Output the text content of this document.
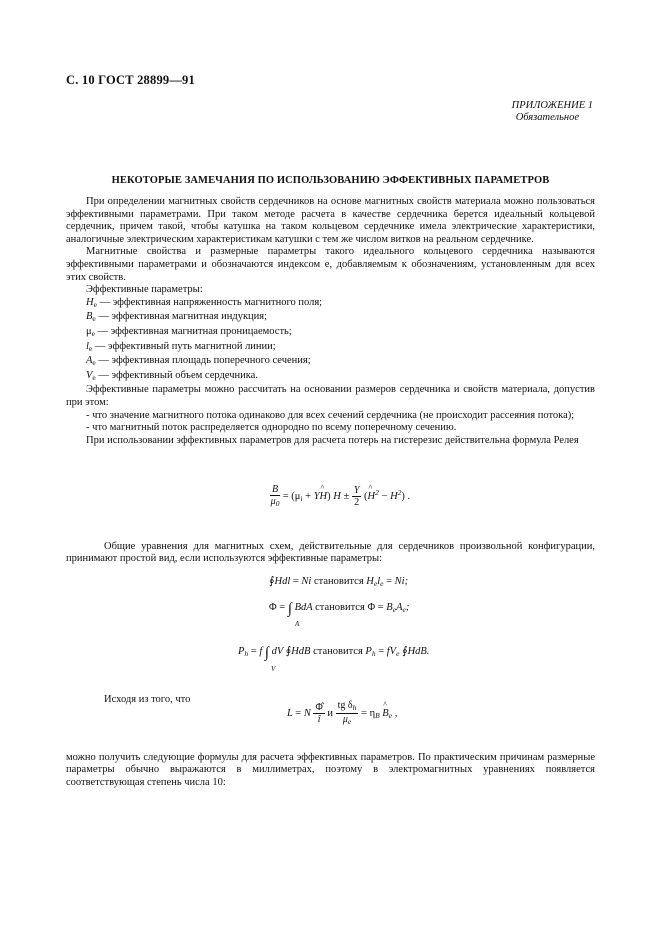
С. 10 ГОСТ 28899—91
ПРИЛОЖЕНИЕ 1
Обязательное
НЕКОТОРЫЕ ЗАМЕЧАНИЯ ПО ИСПОЛЬЗОВАНИЮ ЭФФЕКТИВНЫХ ПАРАМЕТРОВ

При определении магнитных свойств сердечников на основе магнитных свойств материала можно пользоваться эффективными параметрами. При таком методе расчета в качестве сердечника берется идеальный кольцевой сердечник, причем такой, чтобы катушка на таком кольцевом сердечнике имела электрические характеристики, аналогичные электрическим характеристикам катушки с тем же числом витков на реальном сердечнике.

Магнитные свойства и размерные параметры такого идеального кольцевого сердечника называются эффективными параметрами и обозначаются индексом e, добавляемым к обозначениям, установленным для всех этих свойств.

Эффективные параметры:

$H_e$ — эффективная напряженность магнитного поля;
$B_e$ — эффективная магнитная индукция;
$\mu_e$ — эффективная магнитная проницаемость;
$l_e$ — эффективный путь магнитной линии;
$A_e$ — эффективная площадь поперечного сечения;
$V_e$ — эффективный объем сердечника.

Эффективные параметры можно рассчитать на основании размеров сердечника и свойств материала, допустив при этом:

- что значение магнитного потока одинаково для всех сечений сердечника (не происходит рассеяния потока);

- что магнитный поток распределяется однородно по всему поперечному сечению.

При использовании эффективных параметров для расчета потерь на гистерезис действительна формула Релея

$\frac{B}{\mu_0} = (\mu_i$ + YH
^
) $H \pm \frac{Y}{2} (H$
^
$^2 - H^2$) .

Общие уравнения для магнитных схем, действительные для сердечников произвольной конфигурации, принимают простой вид, если используются эффективные параметры:

∮Hdl = Ni становится $H_el_e = Ni$;
Φ = ∫ BdA становится $\Phi = B_eA_e$;
A
$P_h = f$ ∫ dV ∮HdB становится $P_h = fV_e$ ∮HdB.
V

Исходя из того, что

L = N $\frac{\Phî}{î}$ и $\frac{tg \delta_h}{\mu_e} = \eta_B$ B
^
$_e$ ,

можно получить следующие формулы для расчета эффективных параметров. По практическим причинам размерные параметры обычно выражаются в миллиметрах, поэтому в электромагнитных уравнениях появляется соответствующая степень числа 10:
